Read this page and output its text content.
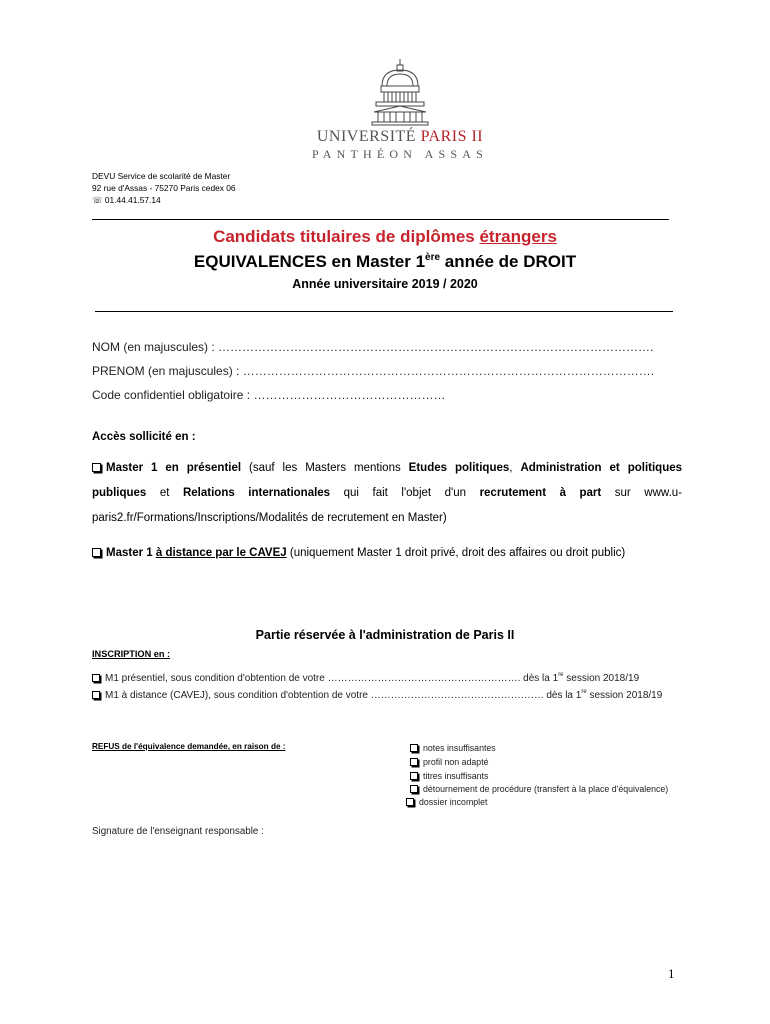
UNIVERSITÉ PARIS II
PANTHÉON ASSAS
DEVU Service de scolarité de Master
92 rue d'Assas - 75270 Paris cedex 06
☏ 01.44.41.57.14
Candidats titulaires de diplômes étrangers
EQUIVALENCES en Master 1ère année de DROIT
Année universitaire 2019 / 2020
NOM (en majuscules) : ……………………………………………………………………………………………….
PRENOM (en majuscules) : ………………………………………………………………………………………….
Code confidentiel obligatoire : …………………………………………
Accès sollicité en :
Master 1 en présentiel (sauf les Masters mentions Etudes politiques, Administration et politiques publiques et Relations internationales qui fait l'objet d'un recrutement à part sur www.u-paris2.fr/Formations/Inscriptions/Modalités de recrutement en Master)
Master 1 à distance par le CAVEJ (uniquement Master 1 droit privé, droit des affaires ou droit public)
Partie réservée à l'administration de Paris II
INSCRIPTION en :
M1 présentiel, sous condition d'obtention de votre …………………………………………………. dès la 1re session 2018/19
M1 à distance (CAVEJ), sous condition d'obtention de votre ……………………………………………. dès la 1re session 2018/19
REFUS de l'équivalence demandée, en raison de :	notes insuffisantes
profil non adapté
titres insuffisants
détournement de procédure (transfert à la place d'équivalence)
dossier incomplet
Signature de l'enseignant responsable :
1
